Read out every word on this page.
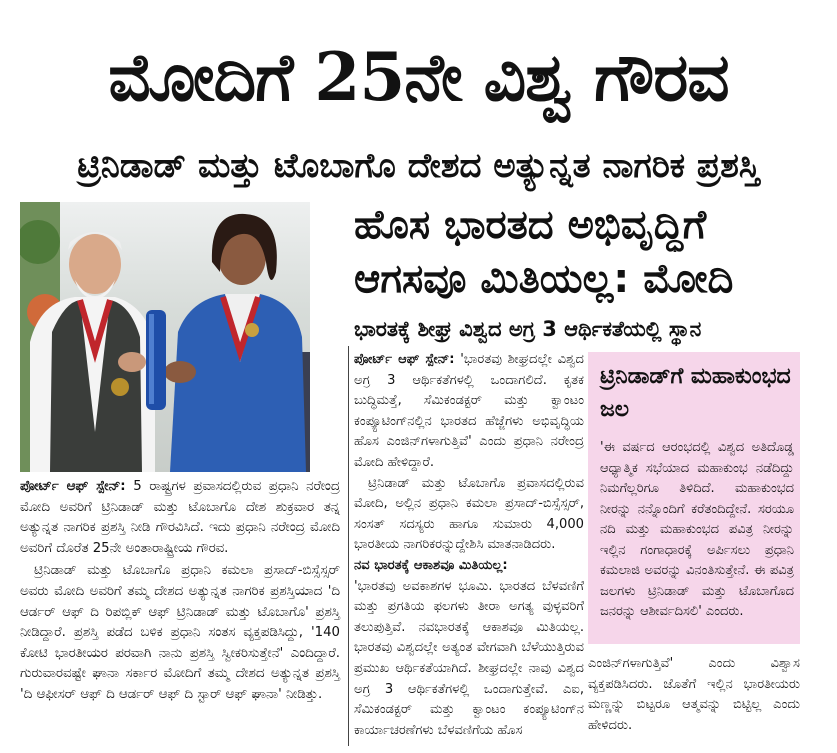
ಮೋದಿಗೆ 25ನೇ ವಿಶ್ವ ಗೌರವ
ಟ್ರಿನಿಡಾಡ್ ಮತ್ತು ಟೊಬಾಗೊ ದೇಶದ ಅತ್ಯುನ್ನತ ನಾಗರಿಕ ಪ್ರಶಸ್ತಿ

ಪೋರ್ಟ್ ಆಫ್ ಸ್ಪೇನ್: 5 ರಾಷ್ಟ್ರಗಳ ಪ್ರವಾಸದಲ್ಲಿರುವ ಪ್ರಧಾನಿ ನರೇಂದ್ರ ಮೋದಿ ಅವರಿಗೆ ಟ್ರಿನಿಡಾಡ್ ಮತ್ತು ಟೊಬಾಗೊ ದೇಶ ಶುಕ್ರವಾರ ತನ್ನ ಅತ್ಯುನ್ನತ ನಾಗರಿಕ ಪ್ರಶಸ್ತಿ ನೀಡಿ ಗೌರವಿಸಿದೆ. ಇದು ಪ್ರಧಾನಿ ನರೇಂದ್ರ ಮೋದಿ ಅವರಿಗೆ ದೊರೆತ 25ನೇ ಅಂತಾರಾಷ್ಟ್ರೀಯ ಗೌರವ.

ಟ್ರಿನಿಡಾಡ್ ಮತ್ತು ಟೊಬಾಗೊ ಪ್ರಧಾನಿ ಕಮಲಾ ಪ್ರಸಾದ್-ಬಿಸ್ಸೆಸ್ಸರ್ ಅವರು ಮೋದಿ ಅವರಿಗೆ ತಮ್ಮ ದೇಶದ ಅತ್ಯುನ್ನತ ನಾಗರಿಕ ಪ್ರಶಸ್ತಿಯಾದ 'ದಿ ಆರ್ಡರ್ ಆಫ್ ದಿ ರಿಪಬ್ಲಿಕ್ ಆಫ್ ಟ್ರಿನಿಡಾಡ್ ಮತ್ತು ಟೊಬಾಗೊ' ಪ್ರಶಸ್ತಿ ನೀಡಿದ್ದಾರೆ. ಪ್ರಶಸ್ತಿ ಪಡೆದ ಬಳಿಕ ಪ್ರಧಾನಿ ಸಂತಸ ವ್ಯಕ್ತಪಡಿಸಿದ್ದು, '140 ಕೋಟಿ ಭಾರತೀಯರ ಪರವಾಗಿ ನಾನು ಪ್ರಶಸ್ತಿ ಸ್ವೀಕರಿಸುತ್ತೇನೆ' ಎಂದಿದ್ದಾರೆ. ಗುರುವಾರವಷ್ಟೇ ಘಾನಾ ಸರ್ಕಾರ ಮೋದಿಗೆ ತಮ್ಮ ದೇಶದ ಅತ್ಯುನ್ನತ ಪ್ರಶಸ್ತಿ 'ದಿ ಆಫೀಸರ್ ಆಫ್ ದಿ ಆರ್ಡರ್ ಆಫ್ ದಿ ಸ್ಟಾರ್ ಆಫ್ ಘಾನಾ' ನೀಡಿತ್ತು.

ಹೊಸ ಭಾರತದ ಅಭಿವೃದ್ಧಿಗೆ
ಆಗಸವೂ ಮಿತಿಯಲ್ಲ: ಮೋದಿ
ಭಾರತಕ್ಕೆ ಶೀಘ್ರ ವಿಶ್ವದ ಅಗ್ರ 3 ಆರ್ಥಿಕತೆಯಲ್ಲಿ ಸ್ಥಾನ

ಪೋರ್ಟ್ ಆಫ್ ಸ್ಪೇನ್: 'ಭಾರತವು ಶೀಘ್ರದಲ್ಲೇ ವಿಶ್ವದ ಅಗ್ರ 3 ಆರ್ಥಿಕತೆಗಳಲ್ಲಿ ಒಂದಾಗಲಿದೆ. ಕೃತಕ ಬುದ್ಧಿಮತ್ತೆ, ಸೆಮಿಕಂಡಕ್ಟರ್ ಮತ್ತು ಕ್ವಾಂಟಂ ಕಂಪ್ಯೂಟಿಂಗ್‌ನಲ್ಲಿನ ಭಾರತದ ಹೆಜ್ಜೆಗಳು ಅಭಿವೃದ್ಧಿಯ ಹೊಸ ಎಂಜಿನ್‌ಗಳಾಗುತ್ತಿವೆ' ಎಂದು ಪ್ರಧಾನಿ ನರೇಂದ್ರ ಮೋದಿ ಹೇಳಿದ್ದಾರೆ.

ಟ್ರಿನಿಡಾಡ್ ಮತ್ತು ಟೊಬಾಗೊ ಪ್ರವಾಸದಲ್ಲಿರುವ ಮೋದಿ, ಅಲ್ಲಿನ ಪ್ರಧಾನಿ ಕಮಲಾ ಪ್ರಸಾದ್-ಬಿಸ್ಸೆಸ್ಸರ್, ಸಂಸತ್ ಸದಸ್ಯರು ಹಾಗೂ ಸುಮಾರು 4,000 ಭಾರತೀಯ ನಾಗರಿಕರನ್ನುದ್ದೇಶಿಸಿ ಮಾತನಾಡಿದರು.

ನವ ಭಾರತಕ್ಕೆ ಆಕಾಶವೂ ಮಿತಿಯಲ್ಲ:

'ಭಾರತವು ಅವಕಾಶಗಳ ಭೂಮಿ. ಭಾರತದ ಬೆಳವಣಿಗೆ ಮತ್ತು ಪ್ರಗತಿಯ ಫಲಗಳು ತೀರಾ ಅಗತ್ಯ ವುಳ್ಳವರಿಗೆ ತಲುಪುತ್ತಿವೆ. ನವಭಾರತಕ್ಕೆ ಆಕಾಶವೂ ಮಿತಿಯಲ್ಲ. ಭಾರತವು ವಿಶ್ವದಲ್ಲೇ ಅತ್ಯಂತ ವೇಗವಾಗಿ ಬೆಳೆಯುತ್ತಿರುವ ಪ್ರಮುಖ ಆರ್ಥಿಕತೆಯಾಗಿದೆ. ಶೀಘ್ರದಲ್ಲೇ ನಾವು ವಿಶ್ವದ ಅಗ್ರ 3 ಆರ್ಥಿಕತೆಗಳಲ್ಲಿ ಒಂದಾಗುತ್ತೇವೆ. ಎಐ, ಸೆಮಿಕಂಡಕ್ಟರ್ ಮತ್ತು ಕ್ವಾಂಟಂ ಕಂಪ್ಯೂಟಿಂಗ್‌ನ ಕಾರ್ಯಾಚರಣೆಗಳು ಬೆಳವಣಿಗೆಯ ಹೊಸ

ಟ್ರಿನಿಡಾಡ್‌ಗೆ ಮಹಾಕುಂಭದ ಜಲ

'ಈ ವರ್ಷದ ಆರಂಭದಲ್ಲಿ ವಿಶ್ವದ ಅತಿದೊಡ್ಡ ಆಧ್ಯಾತ್ಮಿಕ ಸಭೆಯಾದ ಮಹಾಕುಂಭ ನಡೆದಿದ್ದು ನಿಮಗೆಲ್ಲರಿಗೂ ತಿಳಿದಿದೆ. ಮಹಾಕುಂಭದ ನೀರನ್ನು ನನ್ನೊಂದಿಗೆ ಕರೆತಂದಿದ್ದೇನೆ. ಸರಯೂ ನದಿ ಮತ್ತು ಮಹಾಕುಂಭದ ಪವಿತ್ರ ನೀರನ್ನು ಇಲ್ಲಿನ ಗಂಗಾಧಾರಕ್ಕೆ ಅರ್ಪಿಸಲು ಪ್ರಧಾನಿ ಕಮಲಾಜಿ ಅವರನ್ನು ವಿನಂತಿಸುತ್ತೇನೆ. ಈ ಪವಿತ್ರ ಜಲಗಳು ಟ್ರಿನಿಡಾಡ್ ಮತ್ತು ಟೊಬಾಗೊದ ಜನರನ್ನು ಆಶೀರ್ವದಿಸಲಿ' ಎಂದರು.

ಎಂಜಿನ್‌ಗಳಾಗುತ್ತಿವೆ' ಎಂದು ವಿಶ್ವಾಸ ವ್ಯಕ್ತಪಡಿಸಿದರು. ಜೊತೆಗೆ ಇಲ್ಲಿನ ಭಾರತೀಯರು ಮಣ್ಣನ್ನು ಬಿಟ್ಟರೂ ಆತ್ಮವನ್ನು ಬಿಟ್ಟಿಲ್ಲ ಎಂದು ಹೇಳಿದರು.
